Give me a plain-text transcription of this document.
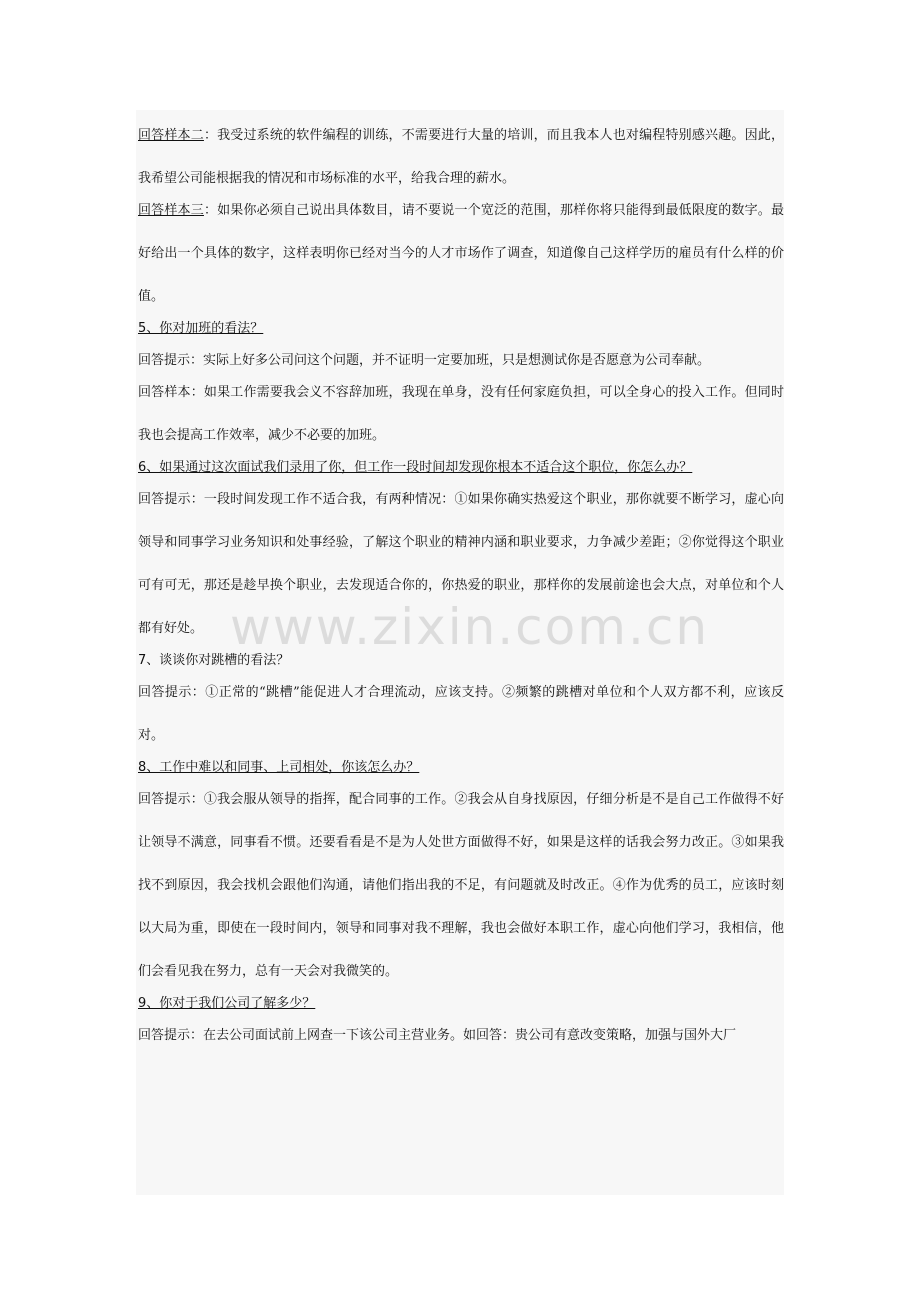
回答样本二：我受过系统的软件编程的训练，不需要进行大量的培训，而且我本人也对编程特别感兴趣。因此，我希望公司能根据我的情况和市场标准的水平，给我合理的薪水。

回答样本三：如果你必须自己说出具体数目，请不要说一个宽泛的范围，那样你将只能得到最低限度的数字。最好给出一个具体的数字，这样表明你已经对当今的人才市场作了调查，知道像自己这样学历的雇员有什么样的价值。

5、你对加班的看法？

回答提示：实际上好多公司问这个问题，并不证明一定要加班，只是想测试你是否愿意为公司奉献。

回答样本：如果工作需要我会义不容辞加班，我现在单身，没有任何家庭负担，可以全身心的投入工作。但同时我也会提高工作效率，减少不必要的加班。

6、如果通过这次面试我们录用了你，但工作一段时间却发现你根本不适合这个职位，你怎么办？

回答提示：一段时间发现工作不适合我，有两种情况：①如果你确实热爱这个职业，那你就要不断学习，虚心向领导和同事学习业务知识和处事经验，了解这个职业的精神内涵和职业要求，力争减少差距；②你觉得这个职业可有可无，那还是趁早换个职业，去发现适合你的，你热爱的职业，那样你的发展前途也会大点，对单位和个人都有好处。

7、谈谈你对跳槽的看法？

回答提示：①正常的“跳槽”能促进人才合理流动，应该支持。②频繁的跳槽对单位和个人双方都不利，应该反对。

8、工作中难以和同事、上司相处，你该怎么办？

回答提示：①我会服从领导的指挥，配合同事的工作。②我会从自身找原因，仔细分析是不是自己工作做得不好让领导不满意，同事看不惯。还要看看是不是为人处世方面做得不好，如果是这样的话我会努力改正。③如果我找不到原因，我会找机会跟他们沟通，请他们指出我的不足，有问题就及时改正。④作为优秀的员工，应该时刻以大局为重，即使在一段时间内，领导和同事对我不理解，我也会做好本职工作，虚心向他们学习，我相信，他们会看见我在努力，总有一天会对我微笑的。

9、你对于我们公司了解多少？

回答提示：在去公司面试前上网查一下该公司主营业务。如回答：贵公司有意改变策略，加强与国外大厂

www.zixin.com.cn
